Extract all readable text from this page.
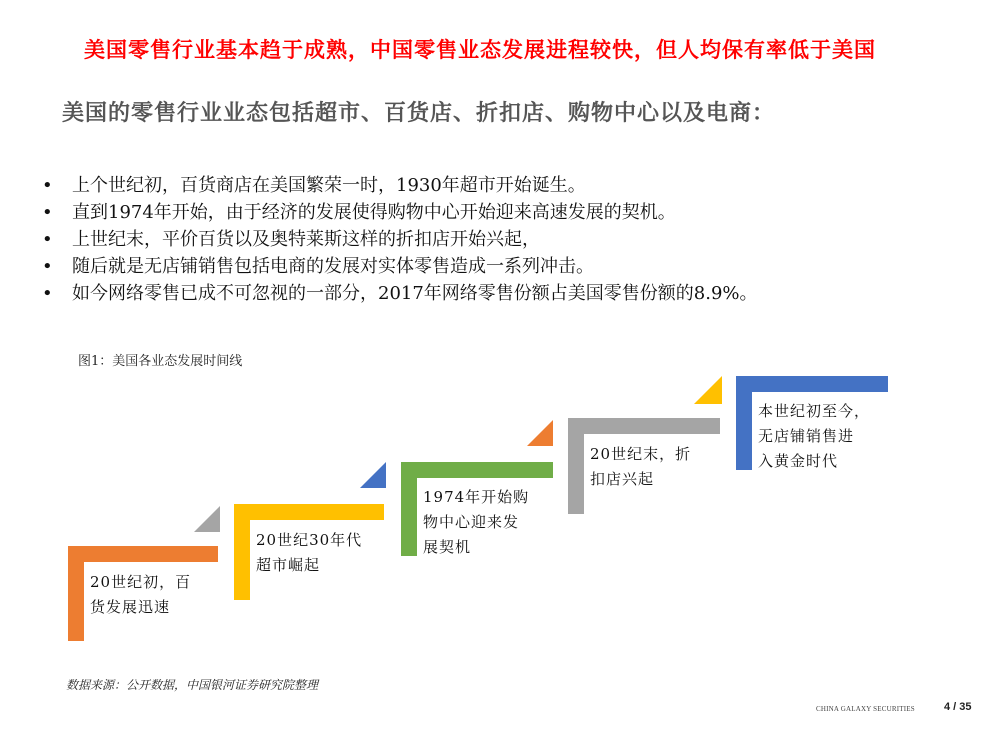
美国零售行业基本趋于成熟，中国零售业态发展进程较快，但人均保有率低于美国
美国的零售行业业态包括超市、百货店、折扣店、购物中心以及电商：
• 上个世纪初，百货商店在美国繁荣一时，1930年超市开始诞生。
• 直到1974年开始，由于经济的发展使得购物中心开始迎来高速发展的契机。
• 上世纪末，平价百货以及奥特莱斯这样的折扣店开始兴起，
• 随后就是无店铺销售包括电商的发展对实体零售造成一系列冲击。
• 如今网络零售已成不可忽视的一部分，2017年网络零售份额占美国零售份额的8.9%。
图1：美国各业态发展时间线
20世纪初，百
货发展迅速
20世纪30年代
超市崛起
1974年开始购
物中心迎来发
展契机
20世纪末，折
扣店兴起
本世纪初至今，
无店铺销售进
入黄金时代
数据来源：公开数据，中国银河证券研究院整理
CHINA GALAXY SECURITIES	4 / 35
